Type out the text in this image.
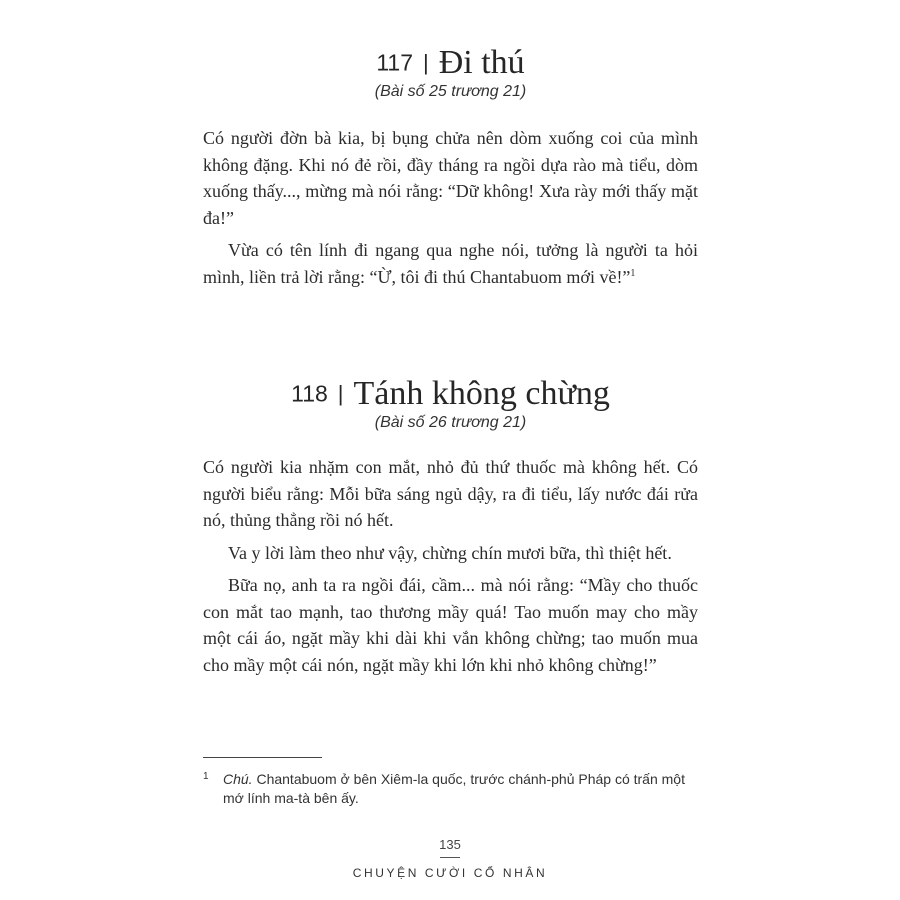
117 | Đi thú
(Bài số 25 trương 21)

Có người đờn bà kia, bị bụng chửa nên dòm xuống coi của mình không đặng. Khi nó đẻ rồi, đầy tháng ra ngồi dựa rào mà tiểu, dòm xuống thấy..., mừng mà nói rằng: “Dữ không! Xưa rày mới thấy mặt đa!”

Vừa có tên lính đi ngang qua nghe nói, tưởng là người ta hỏi mình, liền trả lời rằng: “Ừ, tôi đi thú Chantabuom mới về!”$^1$

118 | Tánh không chừng
(Bài số 26 trương 21)

Có người kia nhặm con mắt, nhỏ đủ thứ thuốc mà không hết. Có người biểu rằng: Mỗi bữa sáng ngủ dậy, ra đi tiểu, lấy nước đái rửa nó, thủng thẳng rồi nó hết.

Va y lời làm theo như vậy, chừng chín mươi bữa, thì thiệt hết.

Bữa nọ, anh ta ra ngồi đái, cầm... mà nói rằng: “Mầy cho thuốc con mắt tao mạnh, tao thương mầy quá! Tao muốn may cho mầy một cái áo, ngặt mầy khi dài khi vắn không chừng; tao muốn mua cho mầy một cái nón, ngặt mầy khi lớn khi nhỏ không chừng!”

1 Chú. Chantabuom ở bên Xiêm-la quốc, trước chánh-phủ Pháp có trấn một mớ lính ma-tà bên ấy.
135
CHUYỆN CƯỜI CỔ NHÂN
